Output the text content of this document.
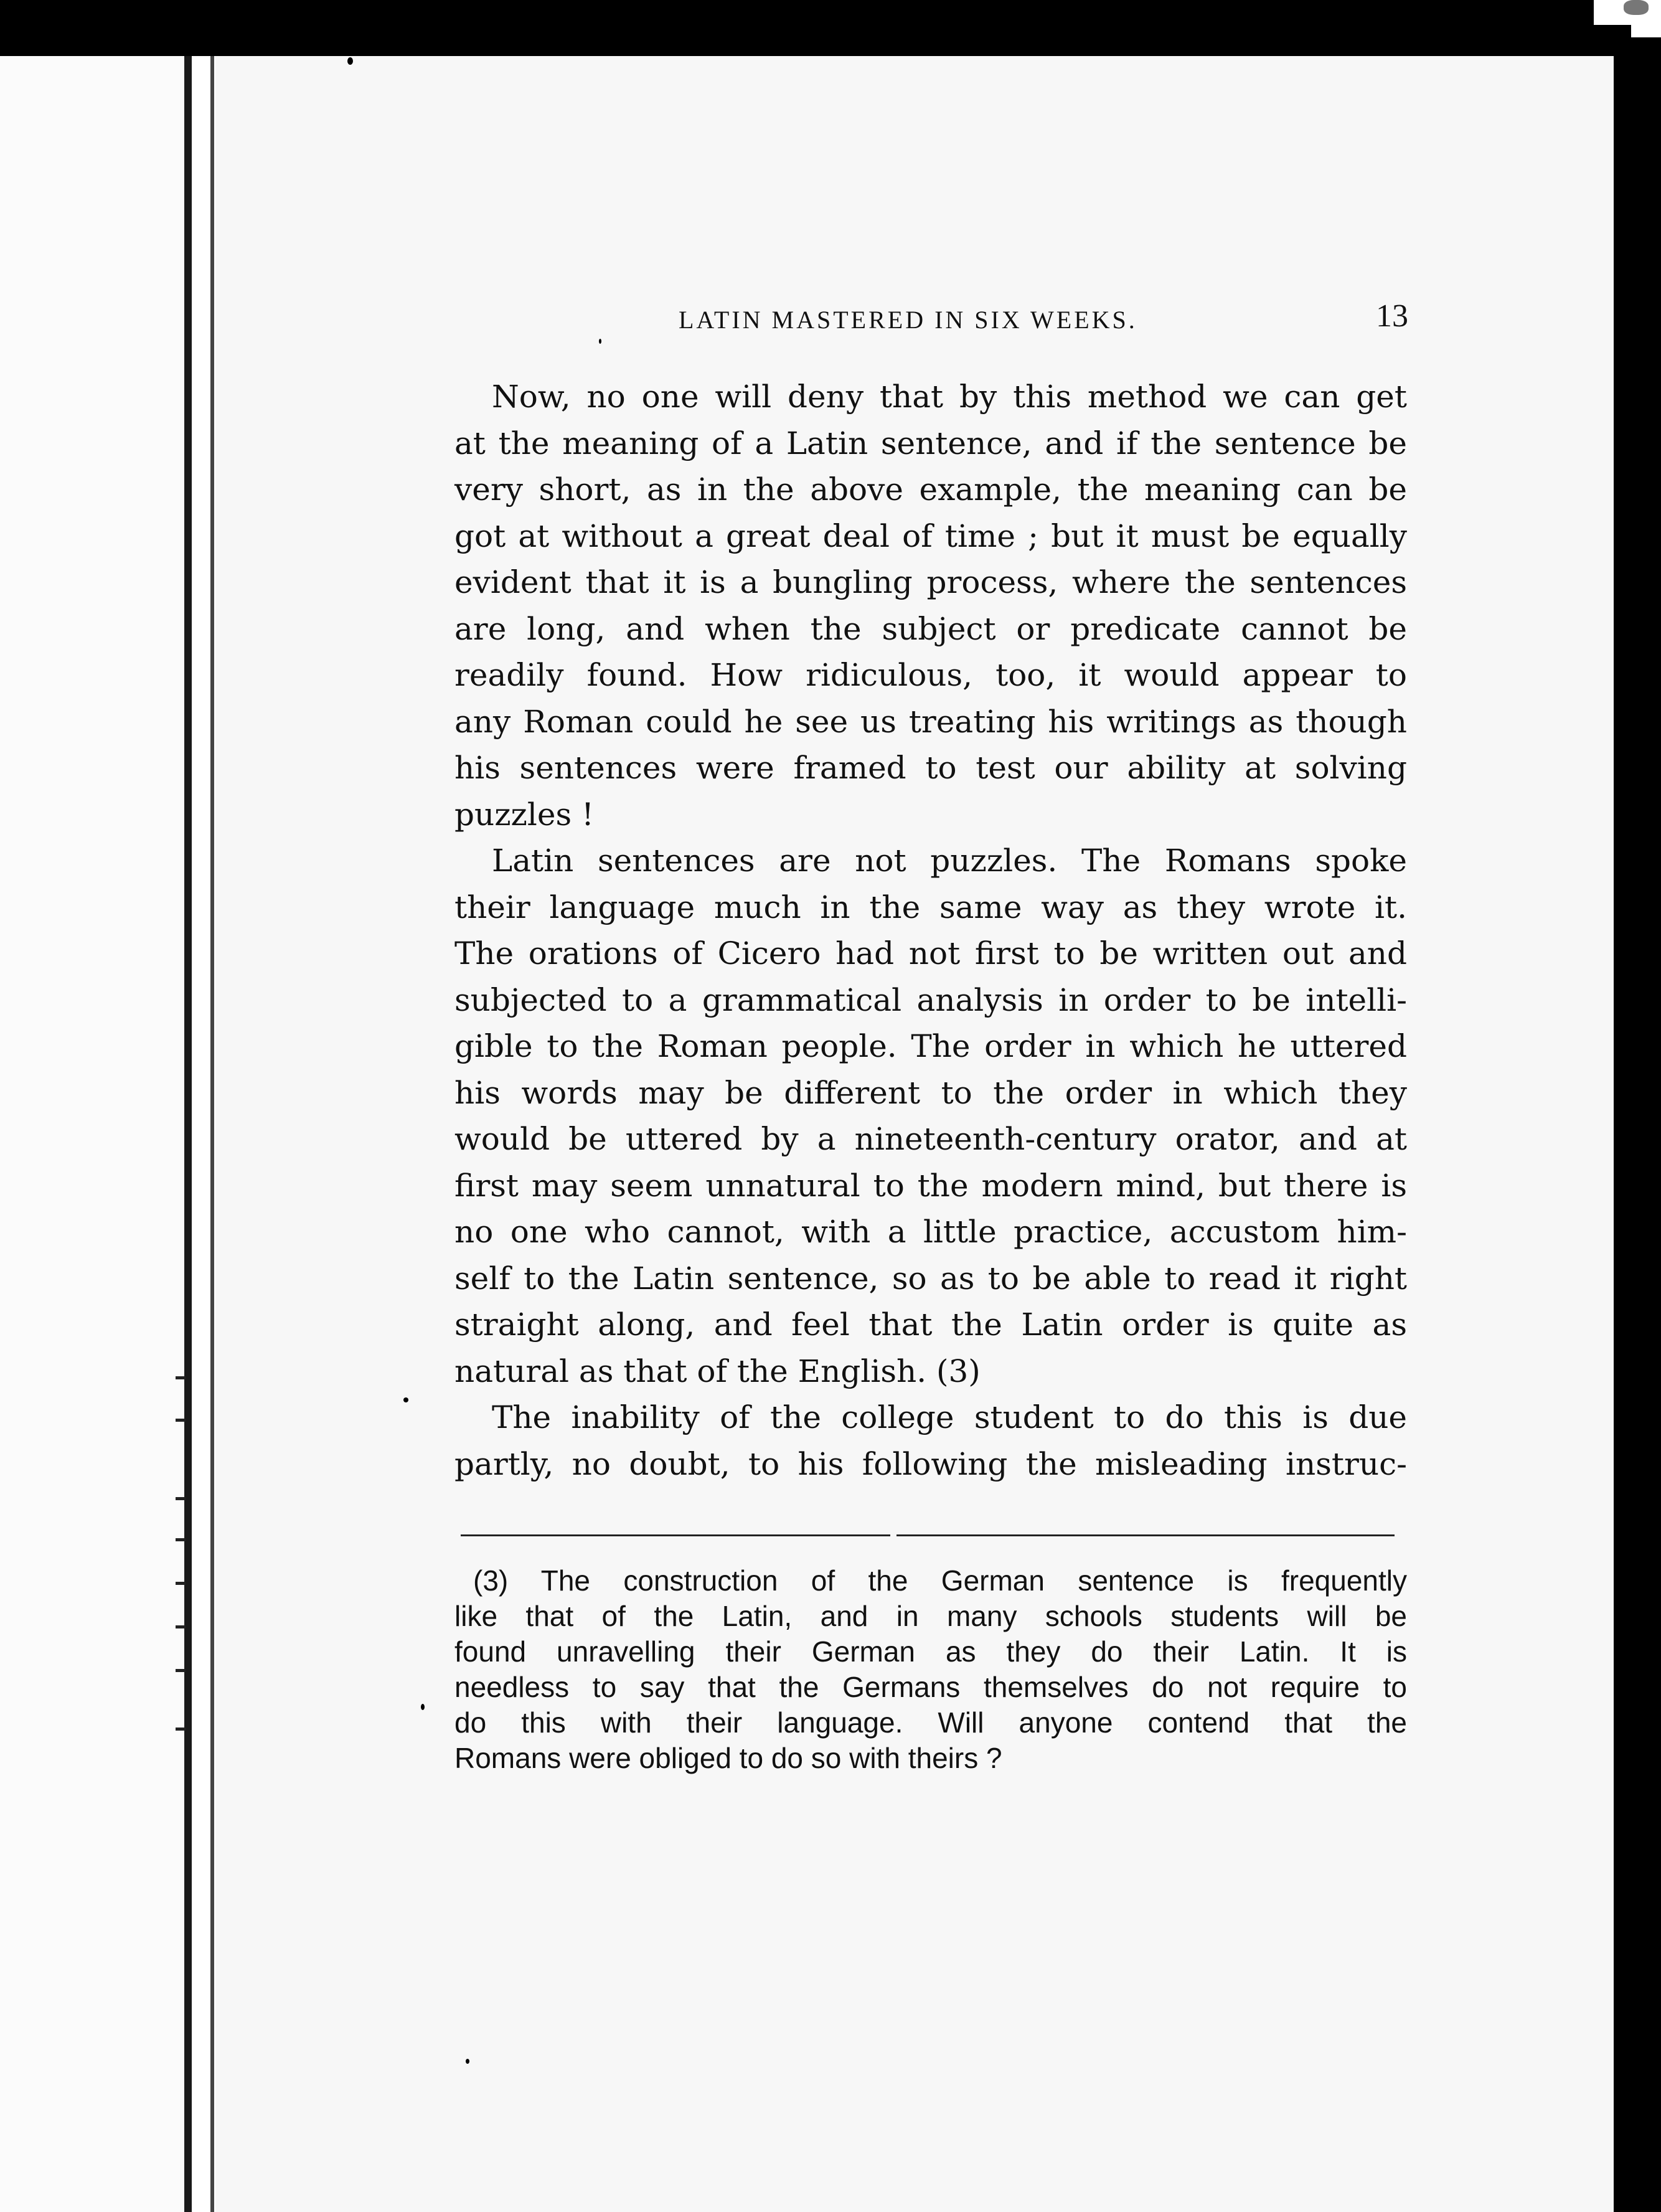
LATIN MASTERED IN SIX WEEKS.	13

Now, no one will deny that by this method we can get
at the meaning of a Latin sentence, and if the sentence be
very short, as in the above example, the meaning can be
got at without a great deal of time ; but it must be equally
evident that it is a bungling process, where the sentences
are long, and when the subject or predicate cannot be
readily found. How ridiculous, too, it would appear to
any Roman could he see us treating his writings as though
his sentences were framed to test our ability at solving
puzzles !

Latin sentences are not puzzles. The Romans spoke
their language much in the same way as they wrote it.
The orations of Cicero had not first to be written out and
subjected to a grammatical analysis in order to be intelli-
gible to the Roman people. The order in which he uttered
his words may be different to the order in which they
would be uttered by a nineteenth-century orator, and at
first may seem unnatural to the modern mind, but there is
no one who cannot, with a little practice, accustom him-
self to the Latin sentence, so as to be able to read it right
straight along, and feel that the Latin order is quite as
natural as that of the English. (3)

The inability of the college student to do this is due
partly, no doubt, to his following the misleading instruc-

(3) The construction of the German sentence is frequently
like that of the Latin, and in many schools students will be
found unravelling their German as they do their Latin. It is
needless to say that the Germans themselves do not require to
do this with their language. Will anyone contend that the
Romans were obliged to do so with theirs ?
